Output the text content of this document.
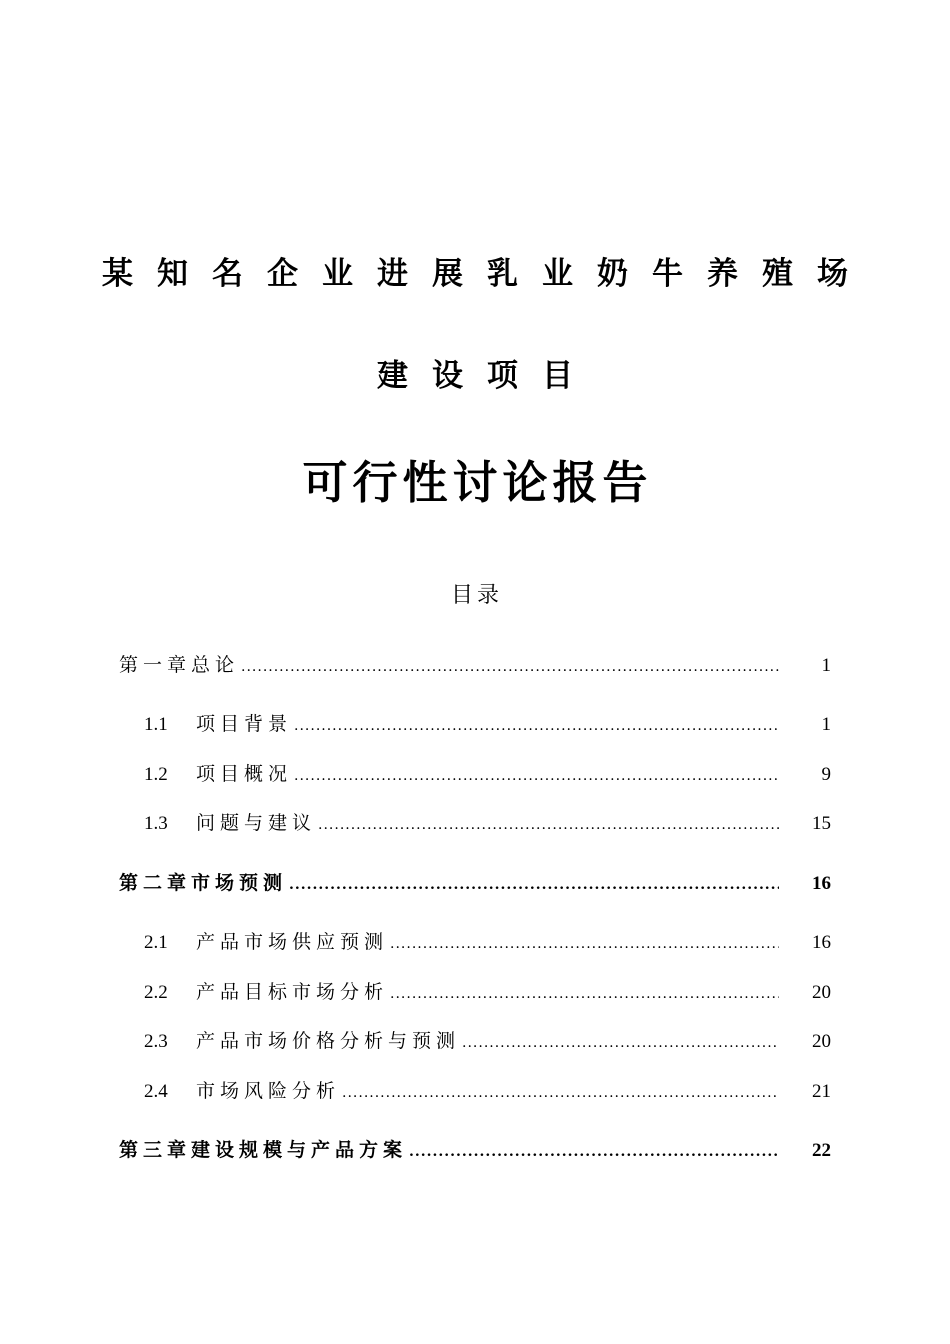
某知名企业进展乳业奶牛养殖场
建设项目
可行性讨论报告
目录
第一章总论 .....	1
1.1	项目背景 .....	1
1.2	项目概况 .....	9
1.3	问题与建议 .....	15
第二章市场预测 .....	16
2.1	产品市场供应预测 .....	16
2.2	产品目标市场分析 .....	20
2.3	产品市场价格分析与预测 .....	20
2.4	市场风险分析 .....	21
第三章建设规模与产品方案 .....	22
